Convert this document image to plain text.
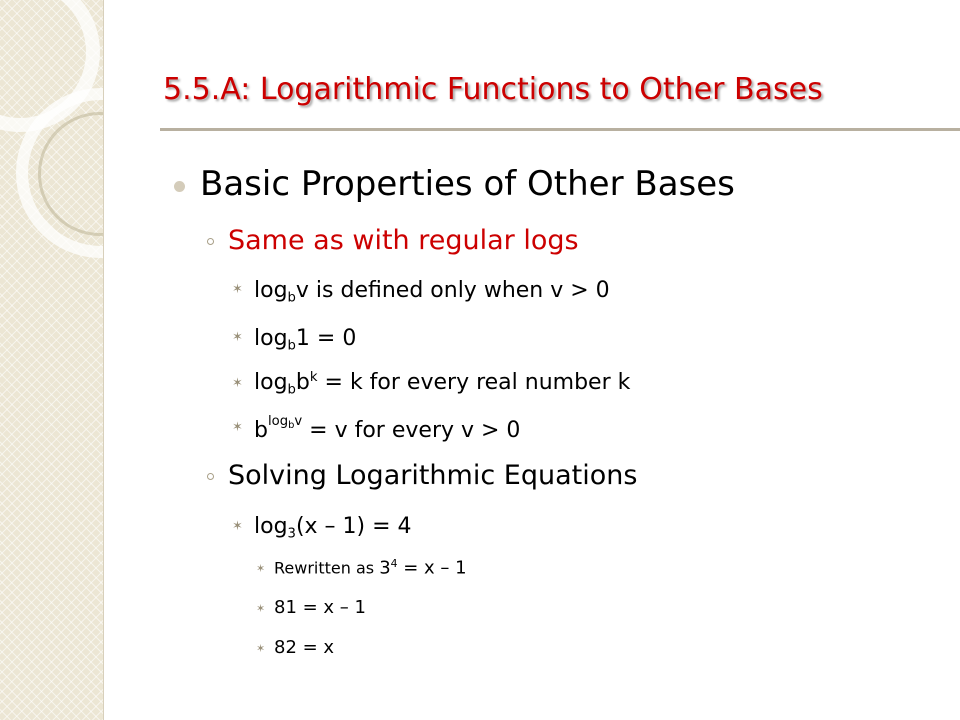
5.5.A: Logarithmic Functions to Other Bases
Basic Properties of Other Bases
Same as with regular logs
✶ $\log_bv$ is defined only when v > 0
✶ $\log_b1 = 0$
✶ $\log_bb^k = k$ for every real number k
✶ $b^{log_bv} = v$ for every v > 0
Solving Logarithmic Equations
✶ $\log_3(x - 1) = 4$
✶ Rewritten as $3^4 = x - 1$
✶ 81 = x – 1
✶ 82 = x
